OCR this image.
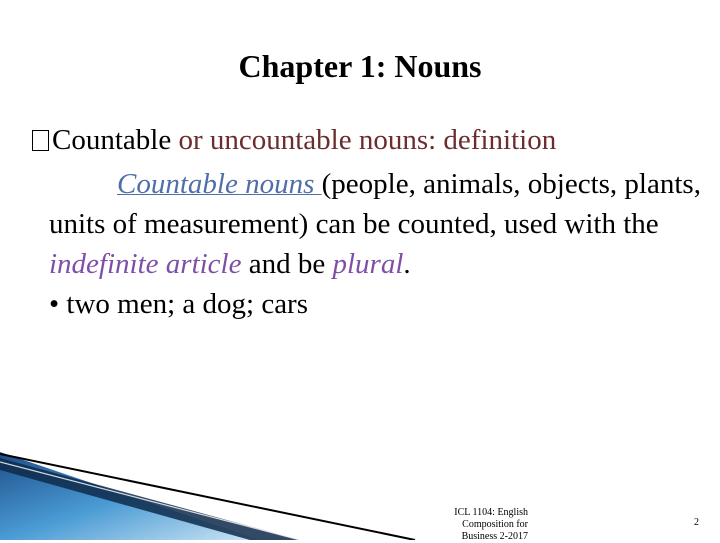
Chapter 1: Nouns
Countable or uncountable nouns: definition
Countable nouns (people, animals, objects, plants, units of measurement) can be counted, used with the indefinite article and be plural.
• two men; a dog; cars
ICL 1104: English Composition for
Business 2-2017
2
